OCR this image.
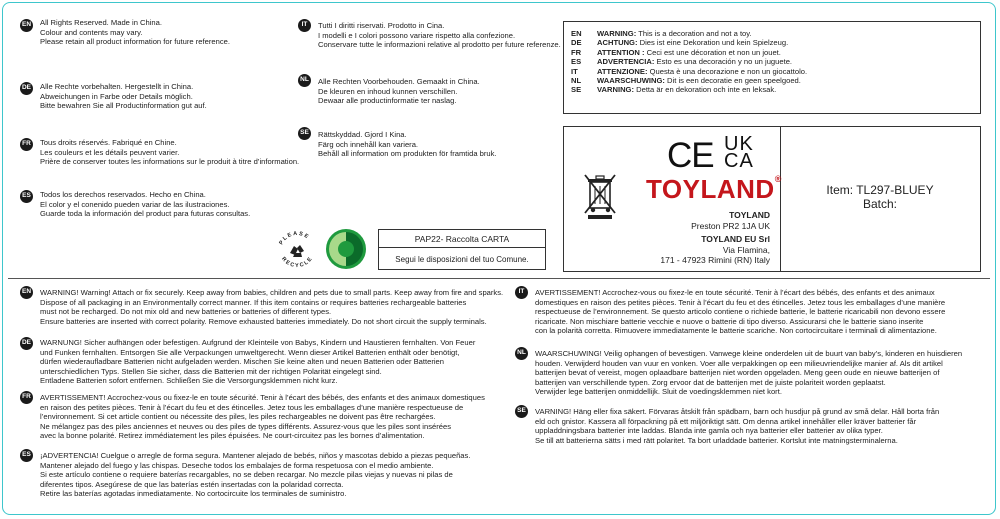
EN All Rights Reserved. Made in China.
Colour and contents may vary.
Please retain all product information for future reference.
DE Alle Rechte vorbehalten. Hergestellt in China.
Abweichungen in Farbe oder Details möglich.
Bitte bewahren Sie all Productinformation gut auf.
FR Tous droits réservés. Fabriqué en Chine.
Les couleurs et les détails peuvent varier.
Prière de conserver toutes les informations sur le produit à titre d’information.
ES Todos los derechos reservados. Hecho en China.
El color y el conenido pueden variar de las ilustraciones.
Guarde toda la información del product para futuras consultas.
IT	Tutti I diritti riservati. Prodotto in Cina.
I modelli e I colori possono variare rispetto alla confezione.
Conservare tutte le informazioni relative al prodotto per future referenze.
NL Alle Rechten Voorbehouden. Gemaakt in China.
De kleuren en inhoud kunnen verschillen.
Dewaar alle productinformatie ter naslag.
SE Rättskyddad. Gjord I Kina.
Färg och innehåll kan variera.
Behåll all information om produkten för framtida bruk.
EN WARNING: This is a decoration and not a toy.
DE ACHTUNG: Dies ist eine Dekoration und kein Spielzeug.
FR ATTENTION : Ceci est une décoration et non un jouet.
ES ADVERTENCIA: Esto es una decoración y no un juguete.
IT	ATTENZIONE: Questa è una decorazione e non un giocattolo.
NL WAARSCHUWING: Dit is een decoratie en geen speelgoed.
SE VARNING: Detta är en dekoration och inte en leksak.
CE UK
CA
TOYLAND®
TOYLAND
Preston PR2 1JA UK
TOYLAND EU Srl
Via Flamina,
171 - 47923 Rimini (RN) Italy
Item: TL297-BLUEY
Batch:
PLEASE
RECYCLE
PAP22- Raccolta CARTA
Segui le disposizioni del tuo Comune.
EN WARNING! Warning! Attach or fix securely. Keep away from babies, children and pets due to small parts. Keep away from fire and sparks.
Dispose of all packaging in an Environmentally correct manner. If this item contains or requires batteries rechargeable batteries
must not be recharged. Do not mix old and new batteries or batteries of different types.
Ensure batteries are inserted with correct polarity. Remove exhausted batteries immediately. Do not short circuit the supply terminals.
DE WARNUNG! Sicher aufhängen oder befestigen. Aufgrund der Kleinteile von Babys, Kindern und Haustieren fernhalten. Von Feuer
und Funken fernhalten. Entsorgen Sie alle Verpackungen umweltgerecht. Wenn dieser Artikel Batterien enthält oder benötigt,
dürfen wiederaufladbare Batterien nicht aufgeladen werden. Mischen Sie keine alten und neuen Batterien oder Batterien
unterschiedlichen Typs. Stellen Sie sicher, dass die Batterien mit der richtigen Polarität eingelegt sind.
Entladene Batterien sofort entfernen. Schließen Sie die Versorgungsklemmen nicht kurz.
FR AVERTISSEMENT! Accrochez-vous ou fixez-le en toute sécurité. Tenir à l’écart des bébés, des enfants et des animaux domestiques
en raison des petites pièces. Tenir à l’écart du feu et des étincelles. Jetez tous les emballages d’une manière respectueuse de
l’environnement. Si cet article contient ou nécessite des piles, les piles rechargeables ne doivent pas être rechargées.
Ne mélangez pas des piles anciennes et neuves ou des piles de types différents. Assurez-vous que les piles sont insérées
avec la bonne polarité. Retirez immédiatement les piles épuisées. Ne court-circuitez pas les bornes d’alimentation.
ES ¡ADVERTENCIA! Cuelgue o arregle de forma segura. Mantener alejado de bebés, niños y mascotas debido a piezas pequeñas.
Mantener alejado del fuego y las chispas. Deseche todos los embalajes de forma respetuosa con el medio ambiente.
Si este artículo contiene o requiere baterías recargables, no se deben recargar. No mezcle pilas viejas y nuevas ni pilas de
diferentes tipos. Asegúrese de que las baterías estén insertadas con la polaridad correcta.
Retire las baterías agotadas inmediatamente. No cortocircuite los terminales de suministro.
IT	AVERTISSEMENT! Accrochez-vous ou fixez-le en toute sécurité. Tenir à l’écart des bébés, des enfants et des animaux
domestiques en raison des petites pièces. Tenir à l’écart du feu et des étincelles. Jetez tous les emballages d’une manière
respectueuse de l’environnement. Se questo articolo contiene o richiede batterie, le batterie ricaricabili non devono essere
ricaricate. Non mischiare batterie vecchie e nuove o batterie di tipo diverso. Assicurarsi che le batterie siano inserite
con la polarità corretta. Rimuovere immediatamente le batterie scariche. Non cortocircuitare i terminali di alimentazione.
NL WAARSCHUWING! Veilig ophangen of bevestigen. Vanwege kleine onderdelen uit de buurt van baby’s, kinderen en huisdieren
houden. Verwijderd houden van vuur en vonken. Voer alle verpakkingen op een milieuvriendelijke manier af. Als dit artikel
batterijen bevat of vereist, mogen oplaadbare batterijen niet worden opgeladen. Meng geen oude en nieuwe batterijen of
batterijen van verschillende typen. Zorg ervoor dat de batterijen met de juiste polariteit worden geplaatst.
Verwijder lege batterijen onmiddellijk. Sluit de voedingsklemmen niet kort.
SE VARNING! Häng eller fixa säkert. Förvaras åtskilt från spädbarn, barn och husdjur på grund av små delar. Håll borta från
eld och gnistor. Kassera all förpackning på ett miljöriktigt sätt. Om denna artikel innehåller eller kräver batterier får
uppladdningsbara batterier inte laddas. Blanda inte gamla och nya batterier eller batterier av olika typer.
Se till att batterierna sätts i med rätt polaritet. Ta bort urladdade batterier. Kortslut inte matningsterminalerna.
